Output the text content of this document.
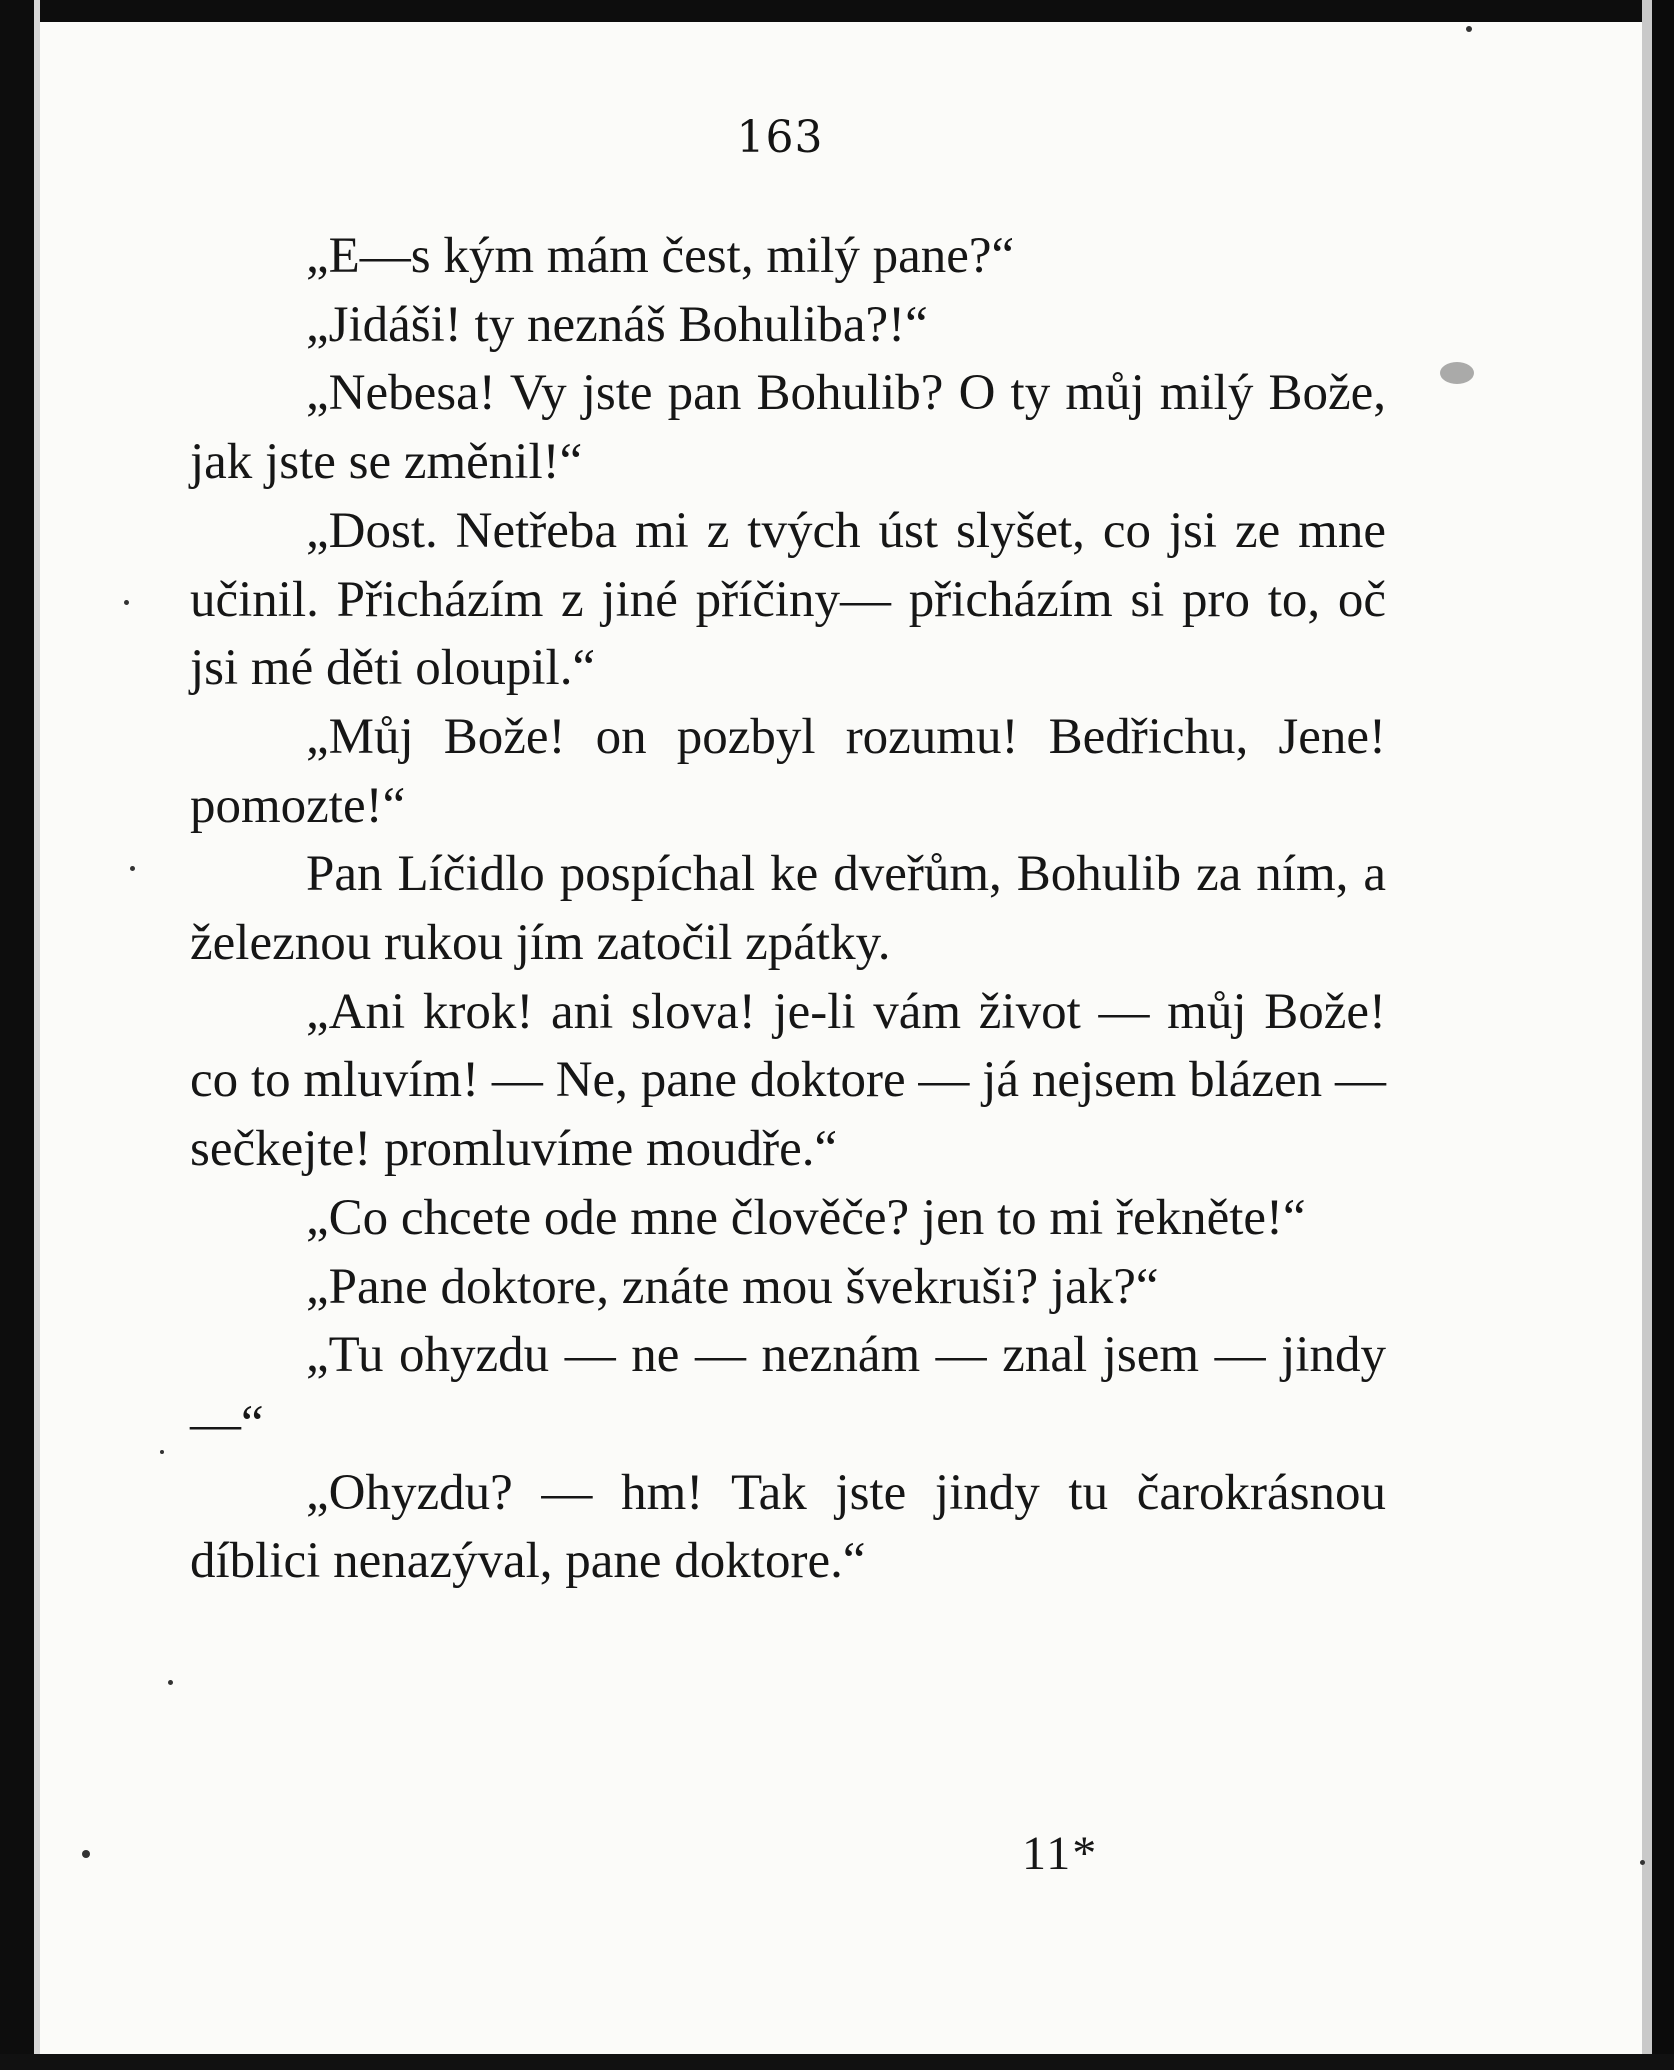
163

„E—s kým mám čest, milý pane?“

„Jidáši! ty neznáš Bohuliba?!“

„Nebesa! Vy jste pan Bohulib? O ty můj milý Bože, jak jste se změnil!“

„Dost. Netřeba mi z tvých úst slyšet, co jsi ze mne učinil. Přicházím z jiné příčiny— přicházím si pro to, oč jsi mé děti oloupil.“

„Můj Bože! on pozbyl rozumu! Bedřichu, Jene! pomozte!“

Pan Líčidlo pospíchal ke dveřům, Bohulib za ním, a železnou rukou jím zatočil zpátky.

„Ani krok! ani slova! je-li vám život — můj Bože! co to mluvím! — Ne, pane doktore — já nejsem blázen — sečkejte! promluvíme moudře.“

„Co chcete ode mne člověče? jen to mi řekněte!“

„Pane doktore, znáte mou švekruši? jak?“

„Tu ohyzdu — ne — neznám — znal jsem — jindy —“

„Ohyzdu? — hm! Tak jste jindy tu čarokrásnou díblici nenazýval, pane doktore.“

11*
